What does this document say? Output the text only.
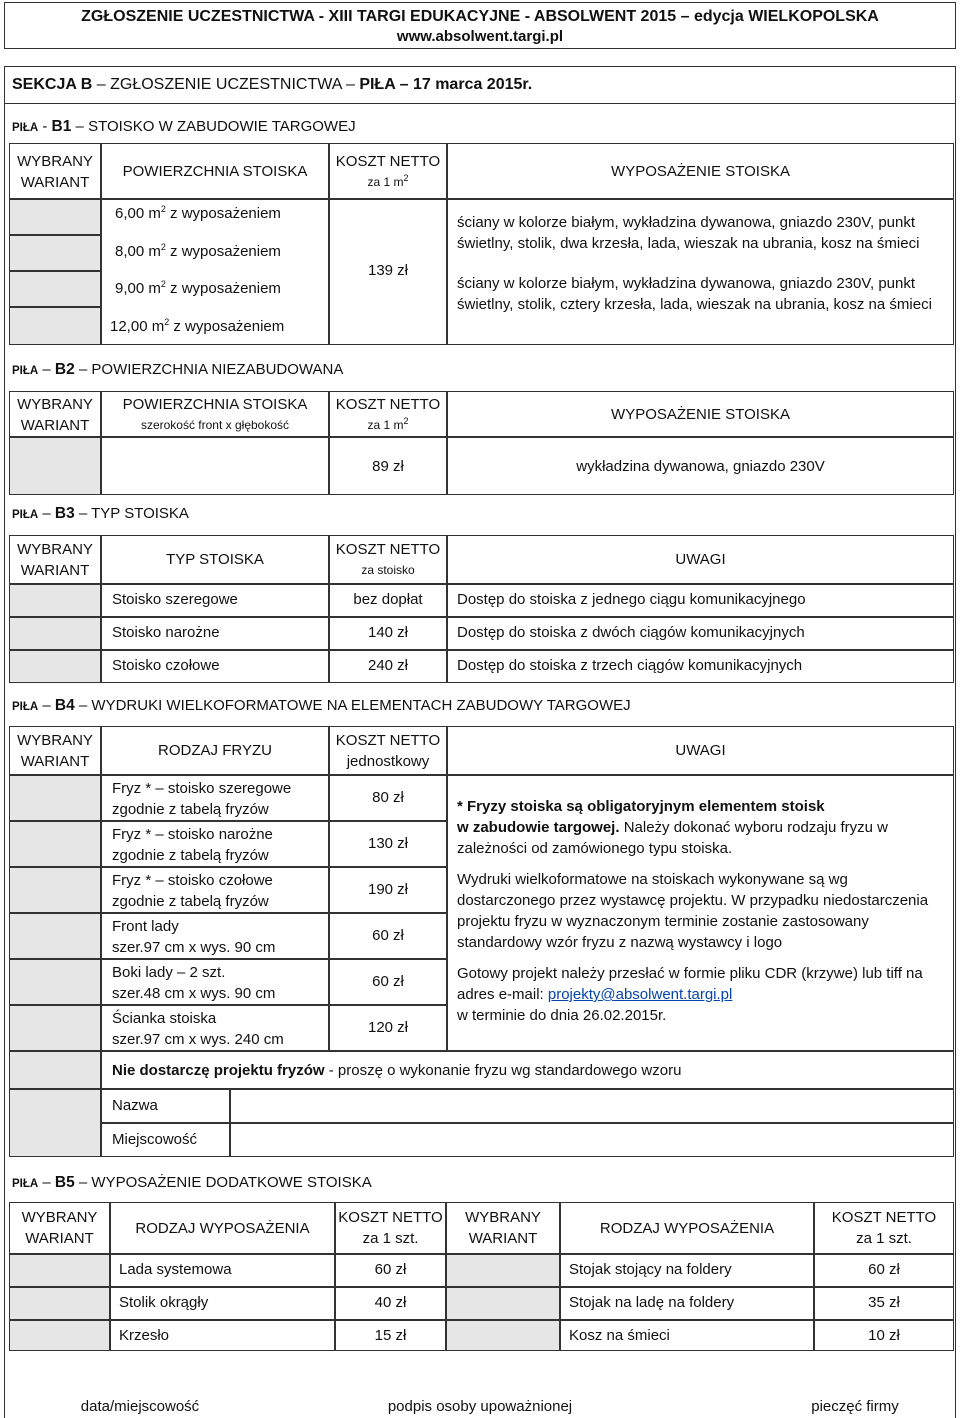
ZGŁOSZENIE UCZESTNICTWA - XIII TARGI EDUKACYJNE - ABSOLWENT 2015 – edycja WIELKOPOLSKA
www.absolwent.targi.pl
SEKCJA B – ZGŁOSZENIE UCZESTNICTWA – PIŁA – 17 marca 2015r.
PIŁA - B1 – STOISKO W ZABUDOWIE TARGOWEJ
WYBRANY
WARIANT
POWIERZCHNIA STOISKA
KOSZT NETTO
za 1 $m^2$	WYPOSAŻENIE STOISKA
6,00 $m^2$ z wyposażeniem
8,00 $m^2$ z wyposażeniem
9,00 $m^2$ z wyposażeniem
12,00 $m^2$ z wyposażeniem
139 zł
ściany w kolorze białym, wykładzina dywanowa, gniazdo 230V, punkt świetlny, stolik, dwa krzesła, lada, wieszak na ubrania, kosz na śmieci
ściany w kolorze białym, wykładzina dywanowa, gniazdo 230V, punkt świetlny, stolik, cztery krzesła, lada, wieszak na ubrania, kosz na śmieci
PIŁA – B2 – POWIERZCHNIA NIEZABUDOWANA
WYBRANY
WARIANT
POWIERZCHNIA STOISKA
szerokość front x głębokość
KOSZT NETTO
za 1 $m^2$	WYPOSAŻENIE STOISKA
89 zł	wykładzina dywanowa, gniazdo 230V
PIŁA – B3 – TYP STOISKA
WYBRANY
WARIANT
TYP STOISKA
KOSZT NETTO
za stoisko
UWAGI
Stoisko szeregowe	bez dopłat	Dostęp do stoiska z jednego ciągu komunikacyjnego
Stoisko narożne	140 zł	Dostęp do stoiska z dwóch ciągów komunikacyjnych
Stoisko czołowe	240 zł	Dostęp do stoiska z trzech ciągów komunikacyjnych
PIŁA – B4 – WYDRUKI WIELKOFORMATOWE NA ELEMENTACH ZABUDOWY TARGOWEJ
WYBRANY
WARIANT
RODZAJ FRYZU
KOSZT NETTO
jednostkowy
UWAGI
Fryz * – stoisko szeregowe
zgodnie z tabelą fryzów
80 zł
Fryz * – stoisko narożne
zgodnie z tabelą fryzów
130 zł
Fryz * – stoisko czołowe
zgodnie z tabelą fryzów
190 zł
Front lady
szer.97 cm x wys. 90 cm
60 zł
Boki lady – 2 szt.
szer.48 cm x wys. 90 cm
60 zł
Ścianka stoiska
szer.97 cm x wys. 240 cm
120 zł
* Fryzy stoiska są obligatoryjnym elementem stoisk
w zabudowie targowej. Należy dokonać wyboru rodzaju fryzu w zależności od zamówionego typu stoiska.
Wydruki wielkoformatowe na stoiskach wykonywane są wg dostarczonego przez wystawcę projektu. W przypadku niedostarczenia projektu fryzu w wyznaczonym terminie zostanie zastosowany standardowy wzór fryzu z nazwą wystawcy i logo
Gotowy projekt należy przesłać w formie pliku CDR (krzywe) lub tiff na adres e-mail: projekty@absolwent.targi.pl
w terminie do dnia 26.02.2015r.
Nie dostarczę projektu fryzów - proszę o wykonanie fryzu wg standardowego wzoru
Nazwa
Miejscowość
PIŁA – B5 – WYPOSAŻENIE DODATKOWE STOISKA
WYBRANY
WARIANT
RODZAJ WYPOSAŻENIA
KOSZT NETTO
za 1 szt.
WYBRANY
WARIANT
RODZAJ WYPOSAŻENIA
KOSZT NETTO
za 1 szt.
Lada systemowa	60 zł	Stojak stojący na foldery	60 zł
Stolik okrągły	40 zł	Stojak na ladę na foldery	35 zł
Krzesło	15 zł	Kosz na śmieci	10 zł
data/miejscowość	podpis osoby upoważnionej	pieczęć firmy
